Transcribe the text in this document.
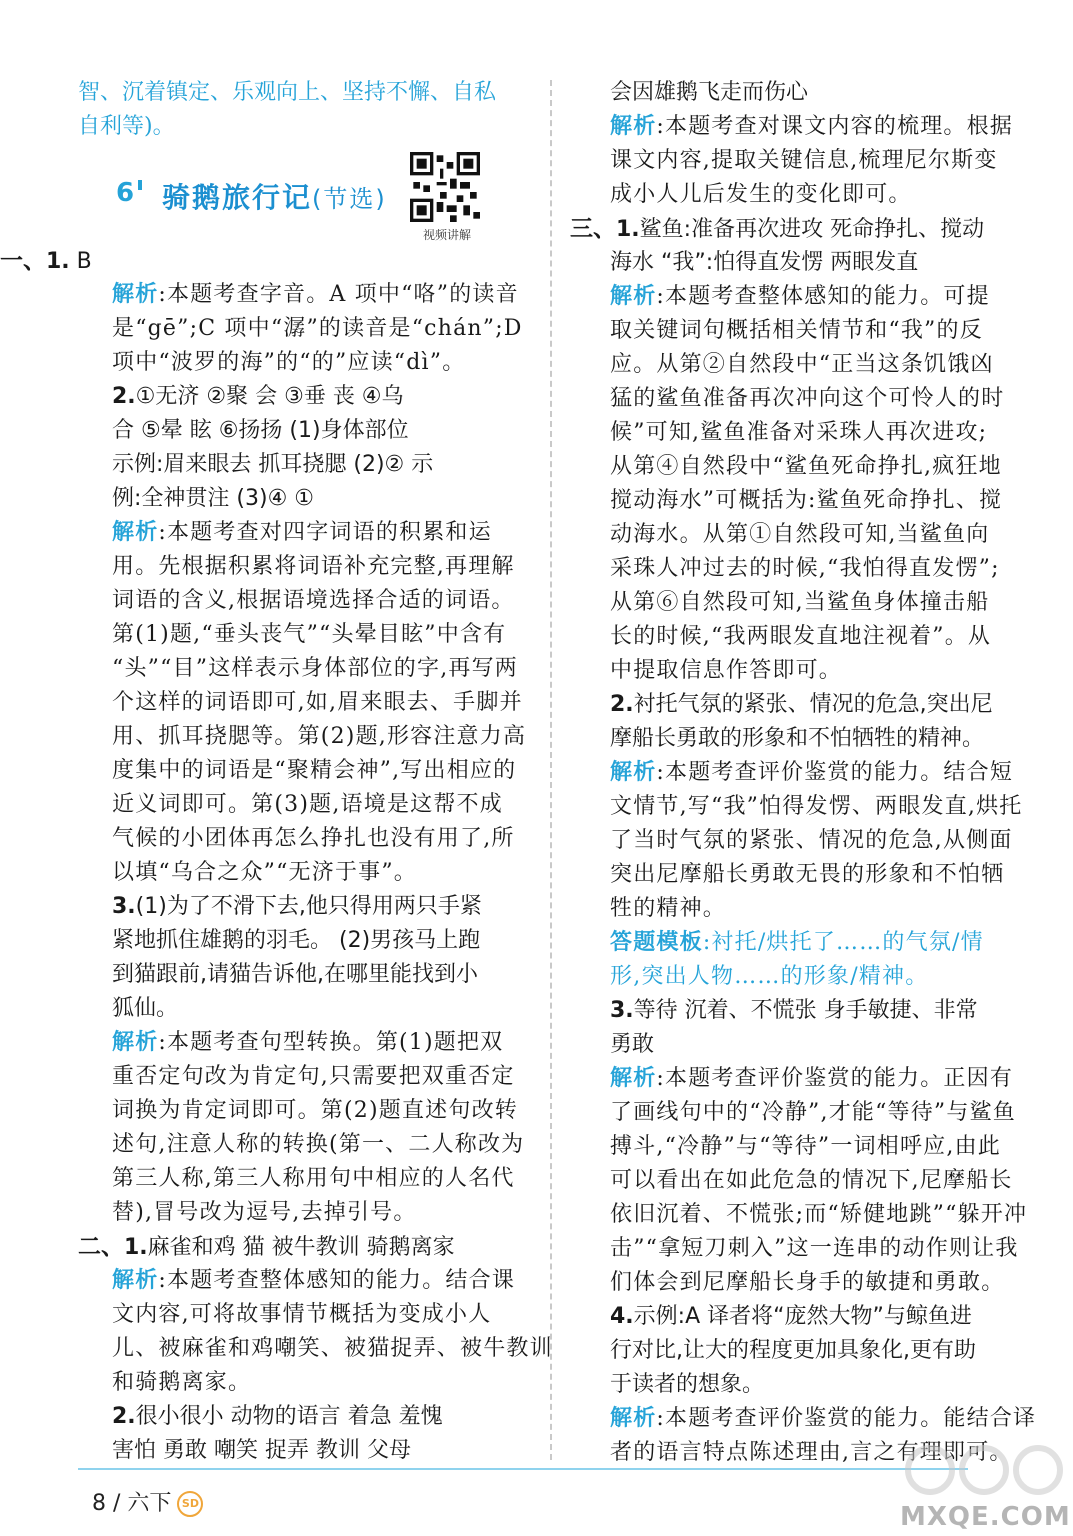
智、沉着镇定、乐观向上、坚持不懈、自私
自利等)。
6 骑鹅旅行记(节选)
视频讲解
一、1. B
解析:本题考查字音。A 项中“咯”的读音
是“gē”;C 项中“潺”的读音是“chán”;D
项中“波罗的海”的“的”应读“dì”。
2.①无济 ②聚 会 ③垂 丧 ④乌
合 ⑤晕 眩 ⑥扬扬 (1)身体部位
示例:眉来眼去 抓耳挠腮 (2)② 示
例:全神贯注 (3)④ ①
解析:本题考查对四字词语的积累和运
用。先根据积累将词语补充完整,再理解
词语的含义,根据语境选择合适的词语。
第(1)题,“垂头丧气”“头晕目眩”中含有
“头”“目”这样表示身体部位的字,再写两
个这样的词语即可,如,眉来眼去、手脚并
用、抓耳挠腮等。第(2)题,形容注意力高
度集中的词语是“聚精会神”,写出相应的
近义词即可。第(3)题,语境是这帮不成
气候的小团体再怎么挣扎也没有用了,所
以填“乌合之众”“无济于事”。
3.(1)为了不滑下去,他只得用两只手紧
紧地抓住雄鹅的羽毛。 (2)男孩马上跑
到猫跟前,请猫告诉他,在哪里能找到小
狐仙。
解析:本题考查句型转换。第(1)题把双
重否定句改为肯定句,只需要把双重否定
词换为肯定词即可。第(2)题直述句改转
述句,注意人称的转换(第一、二人称改为
第三人称,第三人称用句中相应的人名代
替),冒号改为逗号,去掉引号。
二、1.麻雀和鸡 猫 被牛教训 骑鹅离家
解析:本题考查整体感知的能力。结合课
文内容,可将故事情节概括为变成小人
儿、被麻雀和鸡嘲笑、被猫捉弄、被牛教训
和骑鹅离家。
2.很小很小 动物的语言 着急 羞愧
害怕 勇敢 嘲笑 捉弄 教训 父母
会因雄鹅飞走而伤心
解析:本题考查对课文内容的梳理。根据
课文内容,提取关键信息,梳理尼尔斯变
成小人儿后发生的变化即可。
三、1.鲨鱼:准备再次进攻 死命挣扎、搅动
海水 “我”:怕得直发愣 两眼发直
解析:本题考查整体感知的能力。可提
取关键词句概括相关情节和“我”的反
应。从第②自然段中“正当这条饥饿凶
猛的鲨鱼准备再次冲向这个可怜人的时
候”可知,鲨鱼准备对采珠人再次进攻;
从第④自然段中“鲨鱼死命挣扎,疯狂地
搅动海水”可概括为:鲨鱼死命挣扎、搅
动海水。从第①自然段可知,当鲨鱼向
采珠人冲过去的时候,“我怕得直发愣”;
从第⑥自然段可知,当鲨鱼身体撞击船
长的时候,“我两眼发直地注视着”。从
中提取信息作答即可。
2.衬托气氛的紧张、情况的危急,突出尼
摩船长勇敢的形象和不怕牺牲的精神。
解析:本题考查评价鉴赏的能力。结合短
文情节,写“我”怕得发愣、两眼发直,烘托
了当时气氛的紧张、情况的危急,从侧面
突出尼摩船长勇敢无畏的形象和不怕牺
牲的精神。
答题模板:衬托/烘托了……的气氛/情
形,突出人物……的形象/精神。
3.等待 沉着、不慌张 身手敏捷、非常
勇敢
解析:本题考查评价鉴赏的能力。正因有
了画线句中的“冷静”,才能“等待”与鲨鱼
搏斗,“冷静”与“等待”一词相呼应,由此
可以看出在如此危急的情况下,尼摩船长
依旧沉着、不慌张;而“矫健地跳”“躲开冲
击”“拿短刀刺入”这一连串的动作则让我
们体会到尼摩船长身手的敏捷和勇敢。
4.示例:A 译者将“庞然大物”与鲸鱼进
行对比,让大的程度更加具象化,更有助
于读者的想象。
解析:本题考查评价鉴赏的能力。能结合译
者的语言特点陈述理由,言之有理即可。
8 / 六下 SD	MXQE.COM
